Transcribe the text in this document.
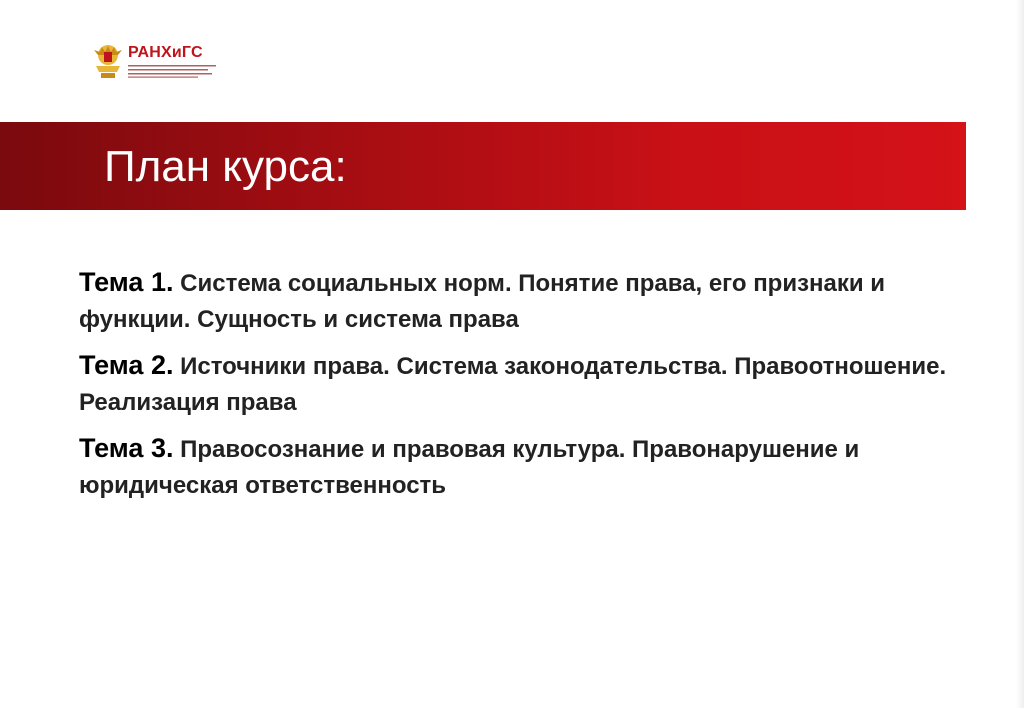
РАНХиГС
План курса:
Тема 1. Система социальных норм. Понятие права, его признаки и функции. Сущность и система права
Тема 2. Источники права. Система законодательства. Правоотношение. Реализация права
Тема 3. Правосознание и правовая культура. Правонарушение и юридическая ответственность
